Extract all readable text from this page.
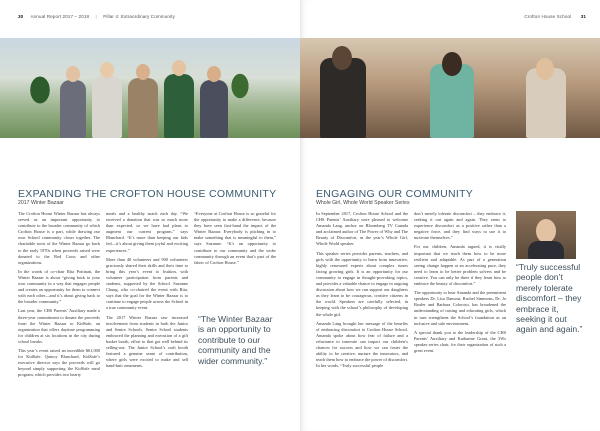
30 Annual Report 2017 – 2018 | Pillar 4: Extraordinary Community
EXPANDING THE CROFTON HOUSE COMMUNITY
2017 Winter Bazaar

The Crofton House Winter Bazaar has always served as an important opportunity to contribute to the broader community of which Crofton House is a part, while drawing our own School community closer together. The charitable roots of the Winter Bazaar go back to the early 1970s when proceeds raised were donated to the Red Cross and other organizations.

In the words of co-chair Rita Pottinati, the Winter Bazaar is about “giving back to your own community in a way that engages people and creates an opportunity for them to connect with each other—and it’s about giving back to the broader community.”

Last year, the CHS Parents’ Auxiliary made a three-year commitment to donate the proceeds from the Winter Bazaar to KidSafe, an organization that offers daytime programming for children at six locations in the city during school breaks.

This year’s event raised an incredible $61,000 for KidSafe. Quincy Blanchard, KidSafe’s executive director says the proceeds will go beyond simply supporting the KidSafe meal program, which provides two hearty

meals and a healthy snack each day. “We received a donation that was so much more than expected, so we have had plans to augment our current program,” says Blanchard. “It’s more than keeping our kids fed—it’s about giving them joyful and exciting experiences.”

More than 40 volunteers and 900 volunteers graciously shared their skills and their time to bring this year’s event to fruition, with volunteer participation from parents and students, supported by the School. Suzanne Chung, who co-chaired the event with Rita, says that the goal for the Winter Bazaar is to continue to engage people across the School in a true community event.

The 2017 Winter Bazaar saw increased involvement from students in both the Junior and Senior Schools. Senior School students embraced the planning and execution of a gift basket booth, effort to that got well behind its selling-out. The Junior School’s craft booth featured a genuine sense of contribution, where girls were excited to make and sell hand-knit ornaments.

“Everyone at Crofton House is so grateful for the opportunity to make a difference, because they have seen first-hand the impact of the Winter Bazaar. Everybody is pitching in to make something that is meaningful to them,” says Suzanne. “It’s an opportunity to contribute to our community and the wider community through an event that’s part of the fabric of Crofton House.”

“The Winter Bazaar is an opportunity to contribute to our community and the wider community.”
Crofton House School 31
ENGAGING OUR COMMUNITY
Whole Girl, Whole World Speaker Series

In September 2017, Crofton House School and the CHS Parents’ Auxiliary were pleased to welcome Amanda Lang, anchor on Bloomberg TV Canada and acclaimed author of The Power of Why and The Beauty of Discomfort, as the year’s Whole Girl, Whole World speaker.

This speaker series provides parents, teachers, and girls with the opportunity to learn from innovative, highly renowned experts about complex issues facing growing girls. It is an opportunity for our community to engage in thought-provoking topics, and provides a valuable chance to engage in ongoing discussion about how we can support our daughters as they learn to be courageous, creative citizens in the world. Speakers are carefully selected, in keeping with the school’s philosophy of developing the whole girl.

Amanda Lang brought her message of the benefits of embracing discomfort to Crofton House School. Amanda spoke about how fear of failure and a reluctance to innovate can impact our children’s chances for success and how we can foster the ability to be creative, nurture the innovators, and teach them how to embrace the power of discomfort. In her words, “Truly successful people

don’t merely tolerate discomfort – they embrace it, seeking it out again and again. They seem to experience discomfort as a positive rather than a negative force, and they find ways to use it to motivate themselves.”

For our children, Amanda argued, it is vitally important that we teach them how to be more resilient and adaptable. As part of a generation seeing change happen at an accelerating pace, they need to learn to be better problem solvers and be creative. You can only be three if they learn how to embrace the beauty of discomfort.”

The opportunity to hear Amanda and the preeminent speakers Dr. Lisa Damour, Rachel Simmons, Dr. Jo Boaler and Barbara Coloroso, has broadened the understanding of raising and educating girls, which in turn strengthens the School’s foundation as an inclusive and safe environment.

A special thank you to the leadership of the CHS Parents’ Auxiliary and Katharine Grant, the 3Ws speaker series chair, for their organization of such a great event.

“Truly successful people don’t merely tolerate discomfort – they embrace it, seeking it out again and again.”
